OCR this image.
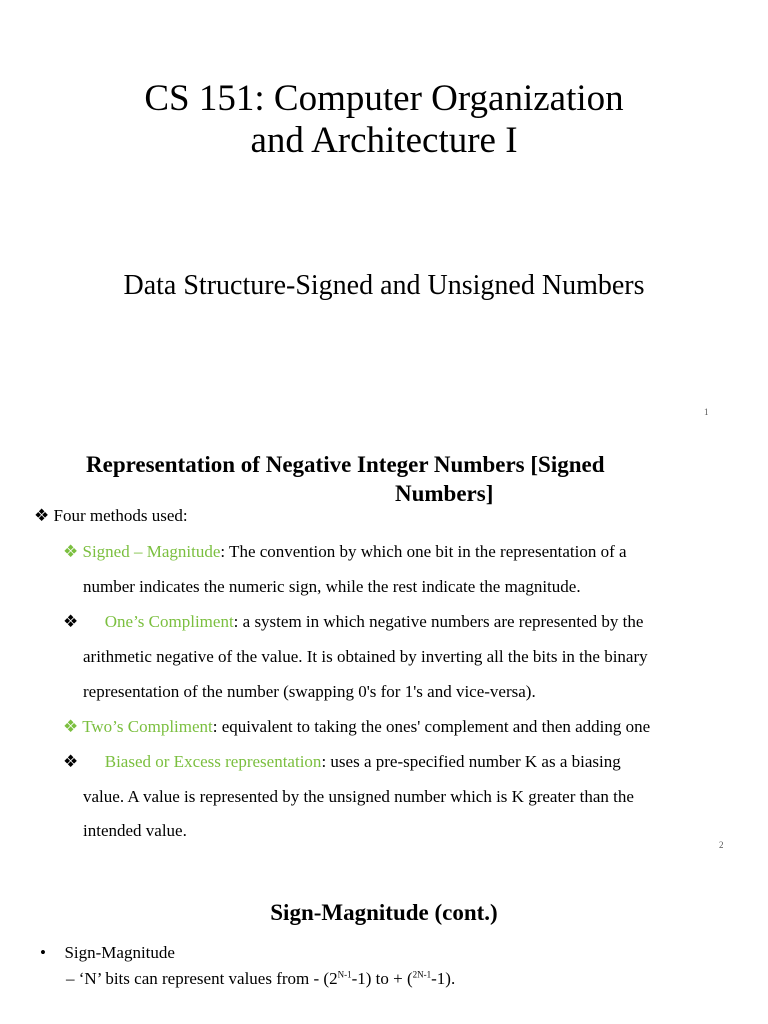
CS 151: Computer Organization
and Architecture I
Data Structure-Signed and Unsigned Numbers
1
Representation of Negative Integer Numbers [Signed
Numbers]
❖ Four methods used:
❖ Signed – Magnitude: The convention by which one bit in the representation of a
number indicates the numeric sign, while the rest indicate the magnitude.
❖ One’s Compliment: a system in which negative numbers are represented by the
arithmetic negative of the value. It is obtained by inverting all the bits in the binary
representation of the number (swapping 0's for 1's and vice-versa).
❖ Two’s Compliment: equivalent to taking the ones' complement and then adding one
❖ Biased or Excess representation: uses a pre-specified number K as a biasing
value. A value is represented by the unsigned number which is K greater than the
intended value.
2
Sign-Magnitude (cont.)
• Sign-Magnitude
– ‘N’ bits can represent values from - $(2^{N-1}-1)$ to + ($^{2N-1}$-1).
